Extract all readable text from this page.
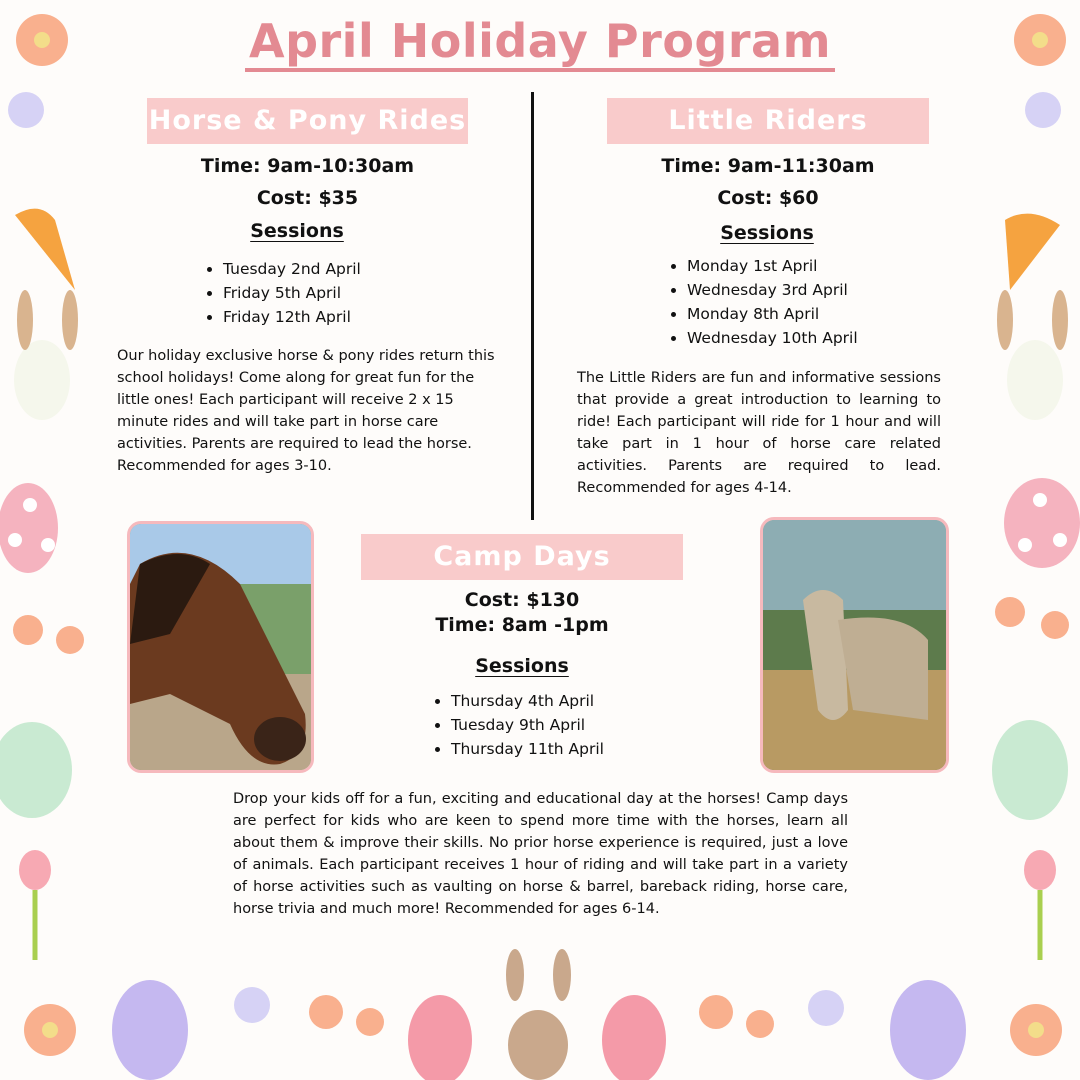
April Holiday Program
Horse & Pony Rides
Time: 9am-10:30am
Cost: $35
Sessions
• Tuesday 2nd April
• Friday 5th April
• Friday 12th April

Our holiday exclusive horse & pony rides return this school holidays! Come along for great fun for the little ones! Each participant will receive 2 x 15 minute rides and will take part in horse care activities. Parents are required to lead the horse. Recommended for ages 3-10.

Little Riders
Time: 9am-11:30am
Cost: $60
Sessions
• Monday 1st April
• Wednesday 3rd April
• Monday 8th April
• Wednesday 10th April

The Little Riders are fun and informative sessions that provide a great introduction to learning to ride! Each participant will ride for 1 hour and will take part in 1 hour of horse care related activities. Parents are required to lead. Recommended for ages 4-14.

Camp Days
Cost: $130
Time: 8am -1pm
Sessions
• Thursday 4th April
• Tuesday 9th April
• Thursday 11th April

Drop your kids off for a fun, exciting and educational day at the horses! Camp days are perfect for kids who are keen to spend more time with the horses, learn all about them & improve their skills. No prior horse experience is required, just a love of animals. Each participant receives 1 hour of riding and will take part in a variety of horse activities such as vaulting on horse & barrel, bareback riding, horse care, horse trivia and much more! Recommended for ages 6-14.
